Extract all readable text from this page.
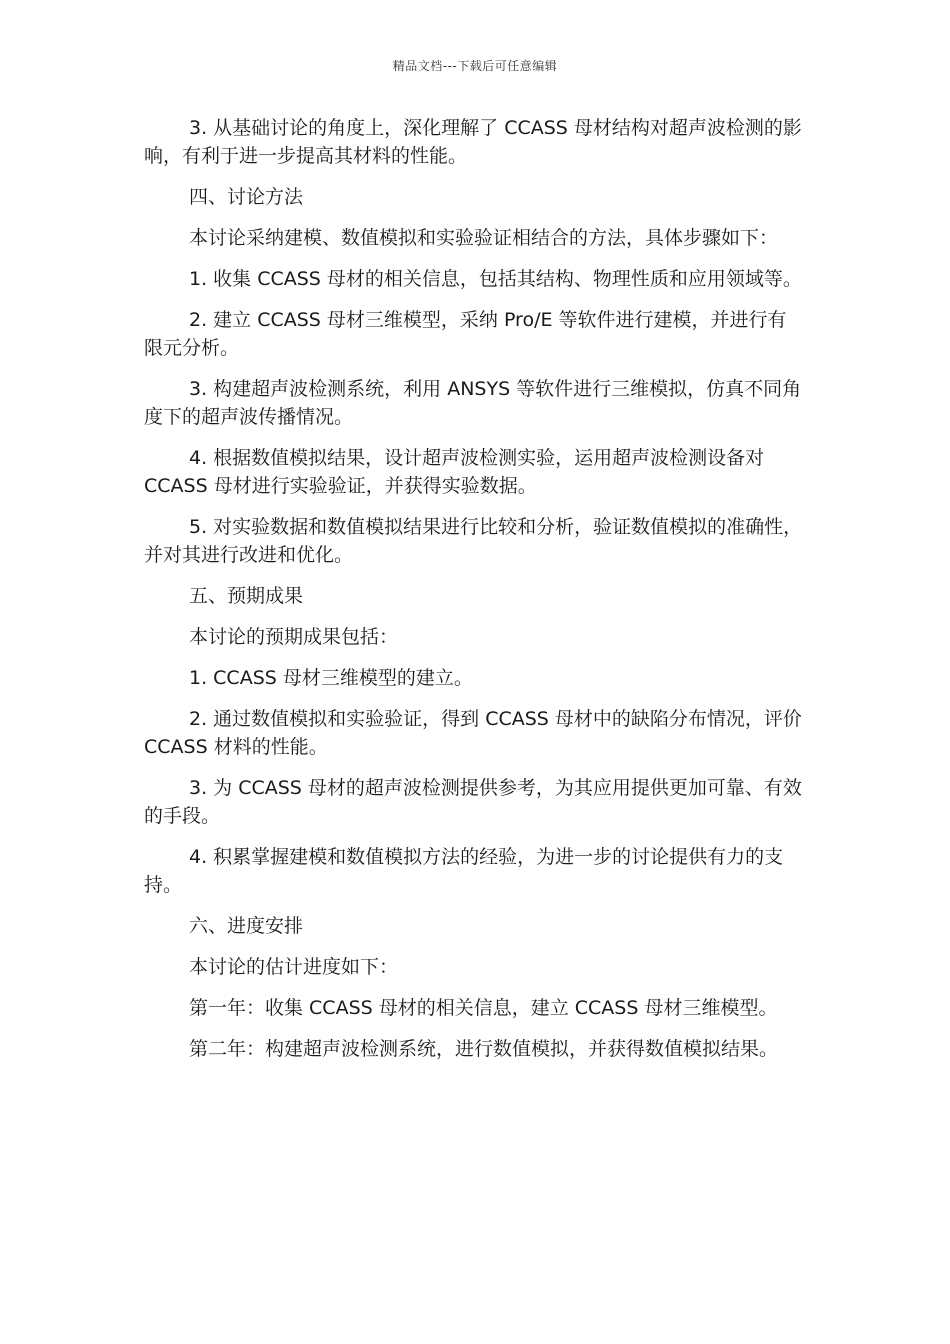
精品文档---下载后可任意编辑

3. 从基础讨论的角度上，深化理解了 CCASS 母材结构对超声波检测的影响，有利于进一步提高其材料的性能。

四、讨论方法

本讨论采纳建模、数值模拟和实验验证相结合的方法，具体步骤如下：

1. 收集 CCASS 母材的相关信息，包括其结构、物理性质和应用领域等。

2. 建立 CCASS 母材三维模型，采纳 Pro/E 等软件进行建模，并进行有限元分析。

3. 构建超声波检测系统，利用 ANSYS 等软件进行三维模拟，仿真不同角度下的超声波传播情况。

4. 根据数值模拟结果，设计超声波检测实验，运用超声波检测设备对 CCASS 母材进行实验验证，并获得实验数据。

5. 对实验数据和数值模拟结果进行比较和分析，验证数值模拟的准确性，并对其进行改进和优化。

五、预期成果

本讨论的预期成果包括：

1. CCASS 母材三维模型的建立。

2. 通过数值模拟和实验验证，得到 CCASS 母材中的缺陷分布情况，评价 CCASS 材料的性能。

3. 为 CCASS 母材的超声波检测提供参考，为其应用提供更加可靠、有效的手段。

4. 积累掌握建模和数值模拟方法的经验，为进一步的讨论提供有力的支持。

六、进度安排

本讨论的估计进度如下：

第一年：收集 CCASS 母材的相关信息，建立 CCASS 母材三维模型。

第二年：构建超声波检测系统，进行数值模拟，并获得数值模拟结果。
